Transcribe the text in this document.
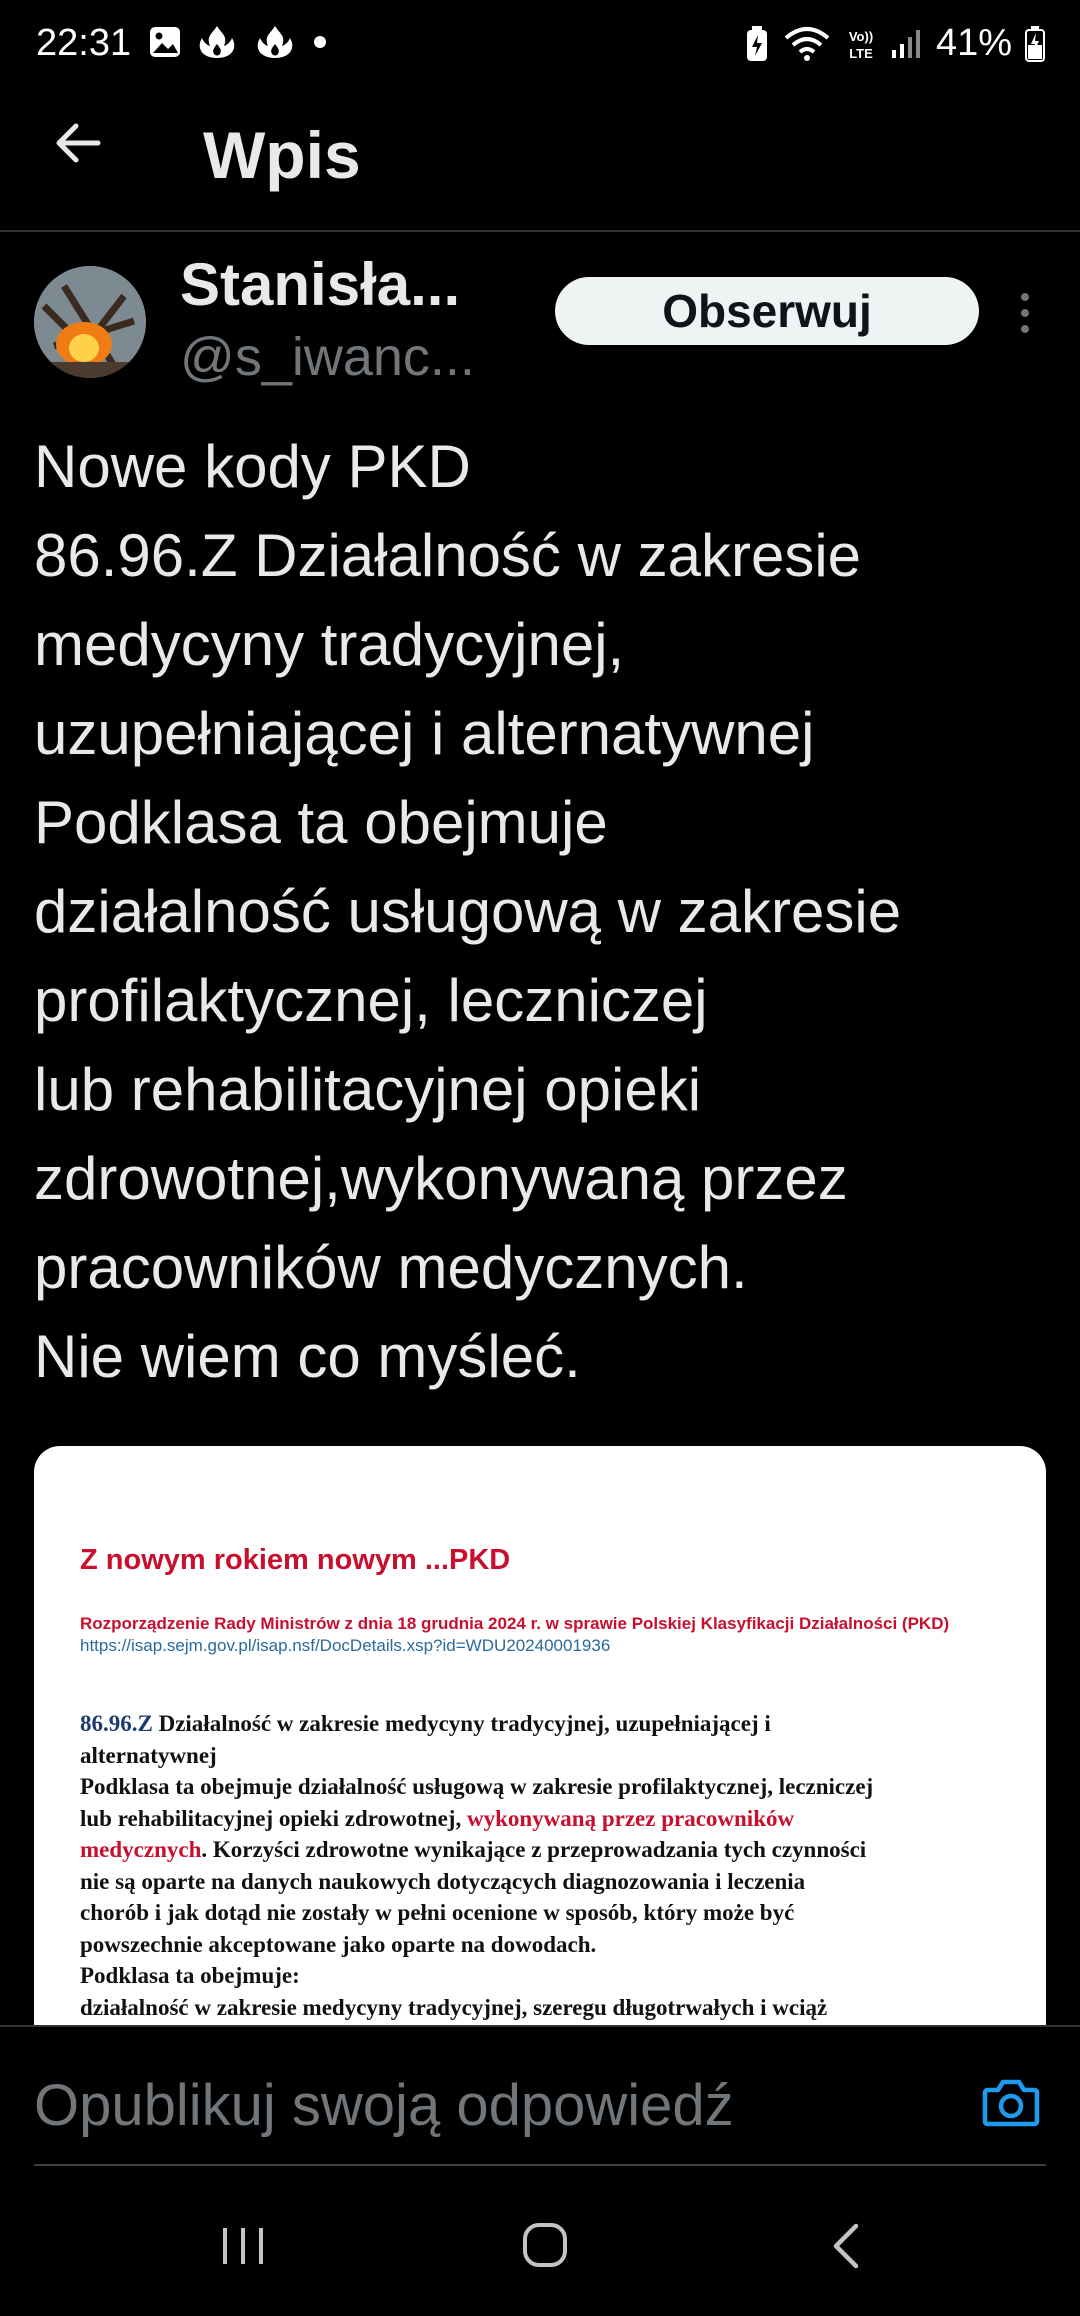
22:31	Vo))
LTE 41%
Wpis
Stanisła...
@s_iwanc...
Obserwuj
Nowe kody PKD
86.96.Z Działalność w zakresie
medycyny tradycyjnej,
uzupełniającej i alternatywnej
Podklasa ta obejmuje
działalność usługową w zakresie
profilaktycznej, leczniczej
lub rehabilitacyjnej opieki
zdrowotnej,wykonywaną przez
pracowników medycznych.
Nie wiem co myśleć.
Z nowym rokiem nowym ...PKD
Rozporządzenie Rady Ministrów z dnia 18 grudnia 2024 r. w sprawie Polskiej Klasyfikacji Działalności (PKD)
https://isap.sejm.gov.pl/isap.nsf/DocDetails.xsp?id=WDU20240001936
86.96.Z Działalność w zakresie medycyny tradycyjnej, uzupełniającej i
alternatywnej
Podklasa ta obejmuje działalność usługową w zakresie profilaktycznej, leczniczej
lub rehabilitacyjnej opieki zdrowotnej, wykonywaną przez pracowników
medycznych. Korzyści zdrowotne wynikające z przeprowadzania tych czynności
nie są oparte na danych naukowych dotyczących diagnozowania i leczenia
chorób i jak dotąd nie zostały w pełni ocenione w sposób, który może być
powszechnie akceptowane jako oparte na dowodach.
Podklasa ta obejmuje:
działalność w zakresie medycyny tradycyjnej, szeregu długotrwałych i wciąż
Opublikuj swoją odpowiedź
